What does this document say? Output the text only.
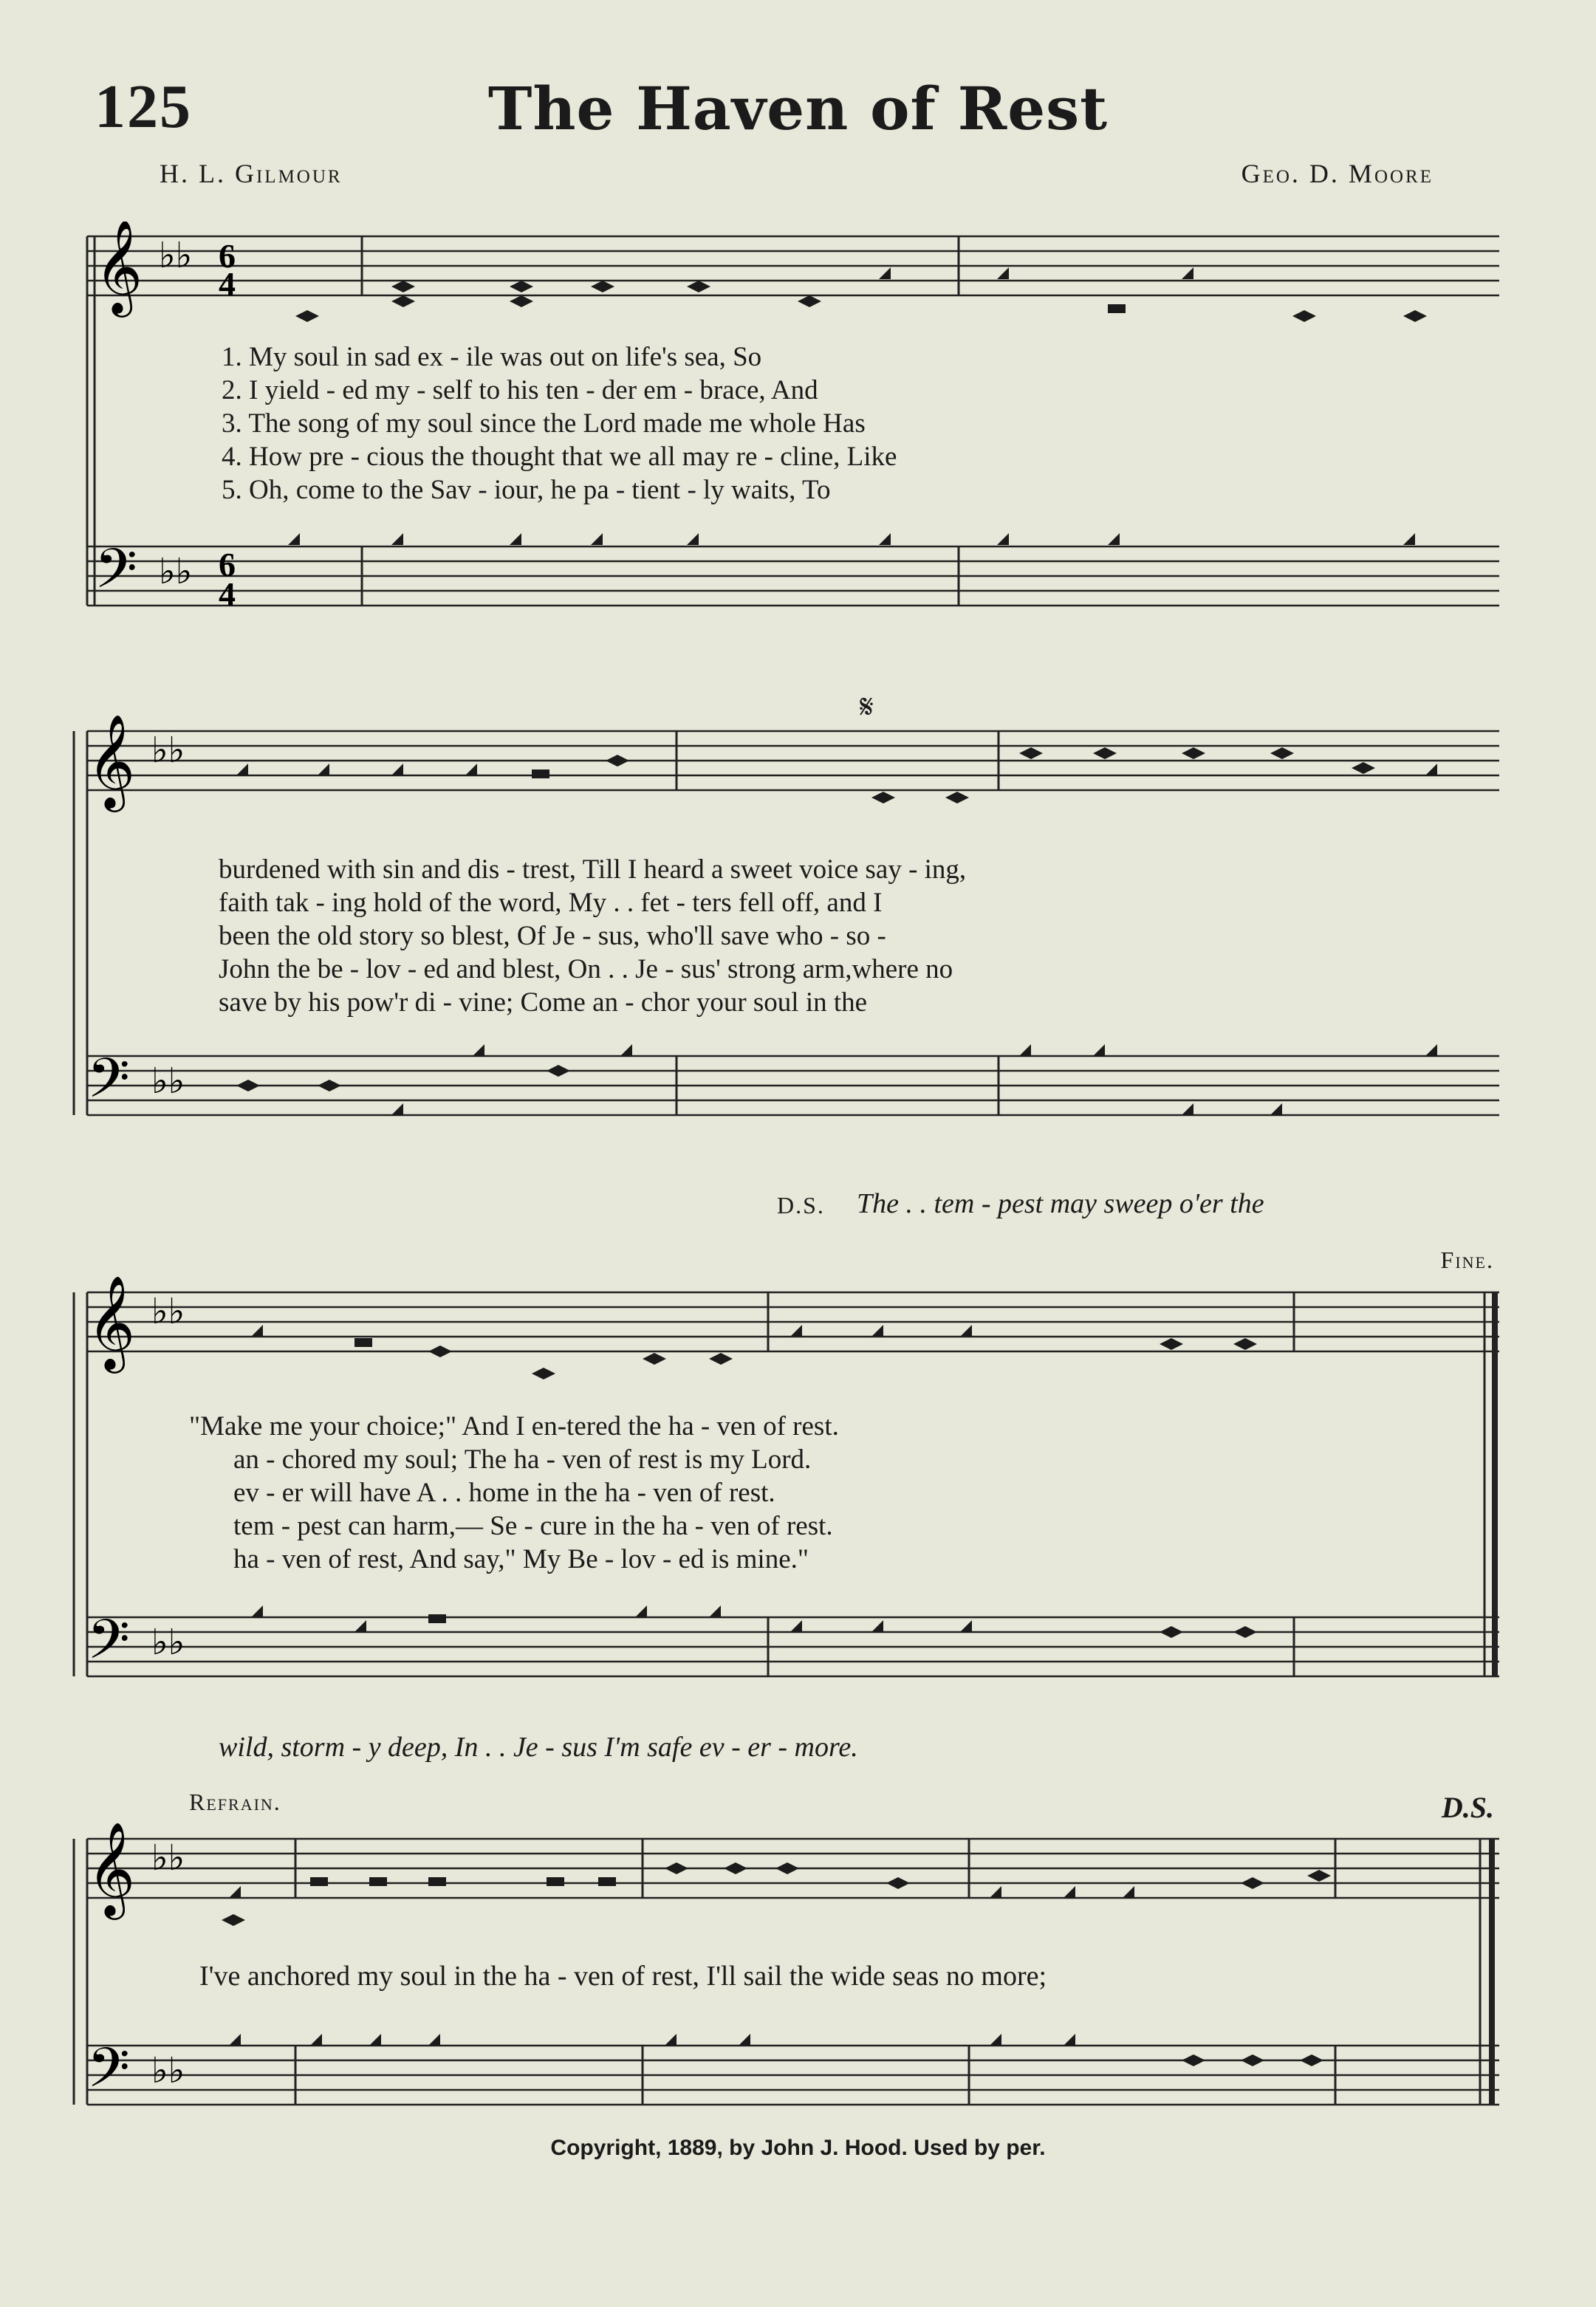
125	The Haven of Rest
H. L. Gilmour	Geo. D. Moore
𝄞
𝄢
♭♭
♭♭
6
4
6
4
1. My soul in sad ex - ile was out on life's sea, So
2. I yield - ed my - self to his ten - der em - brace, And
3. The song of my soul since the Lord made me whole Has
4. How pre - cious the thought that we all may re - cline, Like
5. Oh, come to the Sav - iour, he pa - tient - ly waits, To
𝄞
𝄢
♭♭
♭♭
𝄋
burdened with sin and dis - trest, Till I heard a sweet voice say - ing,
faith tak - ing hold of the word, My . . fet - ters fell off, and I
been the old story so blest, Of Je - sus, who'll save who - so -
John the be - lov - ed and blest, On . . Je - sus' strong arm,where no
save by his pow'r di - vine; Come an - chor your soul in the
D.S. The . . tem - pest may sweep o'er the
Fine.
𝄞
𝄢
♭♭
♭♭
"Make me your choice;" And I en-tered the ha - ven of rest.
an - chored my soul; The ha - ven of rest is my Lord.
ev - er will have A . . home in the ha - ven of rest.
tem - pest can harm,— Se - cure in the ha - ven of rest.
ha - ven of rest, And say," My Be - lov - ed is mine."
wild, storm - y deep, In . . Je - sus I'm safe ev - er - more.
Refrain.	D.S.
𝄞
𝄢
♭♭
♭♭
I've anchored my soul in the ha - ven of rest, I'll sail the wide seas no more;
Copyright, 1889, by John J. Hood. Used by per.
